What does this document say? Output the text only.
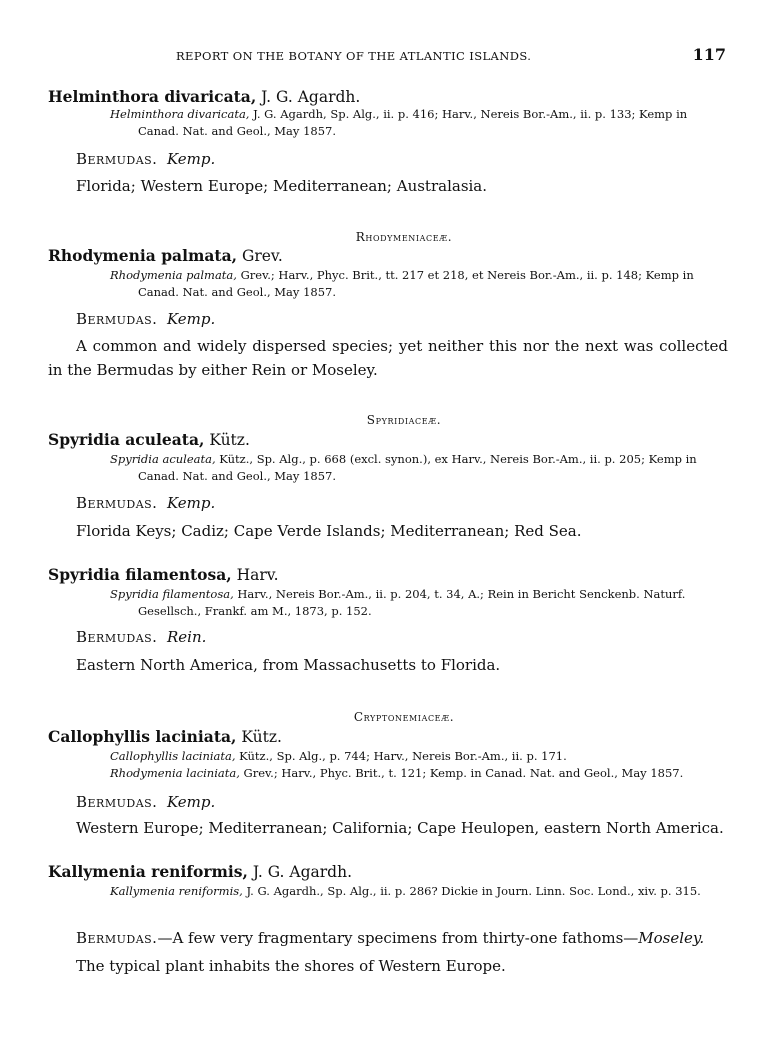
REPORT ON THE BOTANY OF THE ATLANTIC ISLANDS.	117
Helminthora divaricata, J. G. Agardh.
Helminthora divaricata, J. G. Agardh, Sp. Alg., ii. p. 416; Harv., Nereis Bor.-Am., ii. p. 133; Kemp in Canad. Nat. and Geol., May 1857.
Bermudas. Kemp.
Florida; Western Europe; Mediterranean; Australasia.
Rhodymeniaceæ.
Rhodymenia palmata, Grev.
Rhodymenia palmata, Grev.; Harv., Phyc. Brit., tt. 217 et 218, et Nereis Bor.-Am., ii. p. 148; Kemp in Canad. Nat. and Geol., May 1857.
Bermudas. Kemp.
A common and widely dispersed species; yet neither this nor the next was collected in the Bermudas by either Rein or Moseley.
Spyridiaceæ.
Spyridia aculeata, Kütz.
Spyridia aculeata, Kütz., Sp. Alg., p. 668 (excl. synon.), ex Harv., Nereis Bor.-Am., ii. p. 205; Kemp in Canad. Nat. and Geol., May 1857.
Bermudas. Kemp.
Florida Keys; Cadiz; Cape Verde Islands; Mediterranean; Red Sea.
Spyridia filamentosa, Harv.
Spyridia filamentosa, Harv., Nereis Bor.-Am., ii. p. 204, t. 34, A.; Rein in Bericht Senckenb. Naturf. Gesellsch., Frankf. am M., 1873, p. 152.
Bermudas. Rein.
Eastern North America, from Massachusetts to Florida.
Cryptonemiaceæ.
Callophyllis laciniata, Kütz.
Callophyllis laciniata, Kütz., Sp. Alg., p. 744; Harv., Nereis Bor.-Am., ii. p. 171.
Rhodymenia laciniata, Grev.; Harv., Phyc. Brit., t. 121; Kemp. in Canad. Nat. and Geol., May 1857.
Bermudas. Kemp.
Western Europe; Mediterranean; California; Cape Heulopen, eastern North America.
Kallymenia reniformis, J. G. Agardh.
Kallymenia reniformis, J. G. Agardh., Sp. Alg., ii. p. 286? Dickie in Journ. Linn. Soc. Lond., xiv. p. 315.
Bermudas.—A few very fragmentary specimens from thirty-one fathoms—Moseley.
The typical plant inhabits the shores of Western Europe.
